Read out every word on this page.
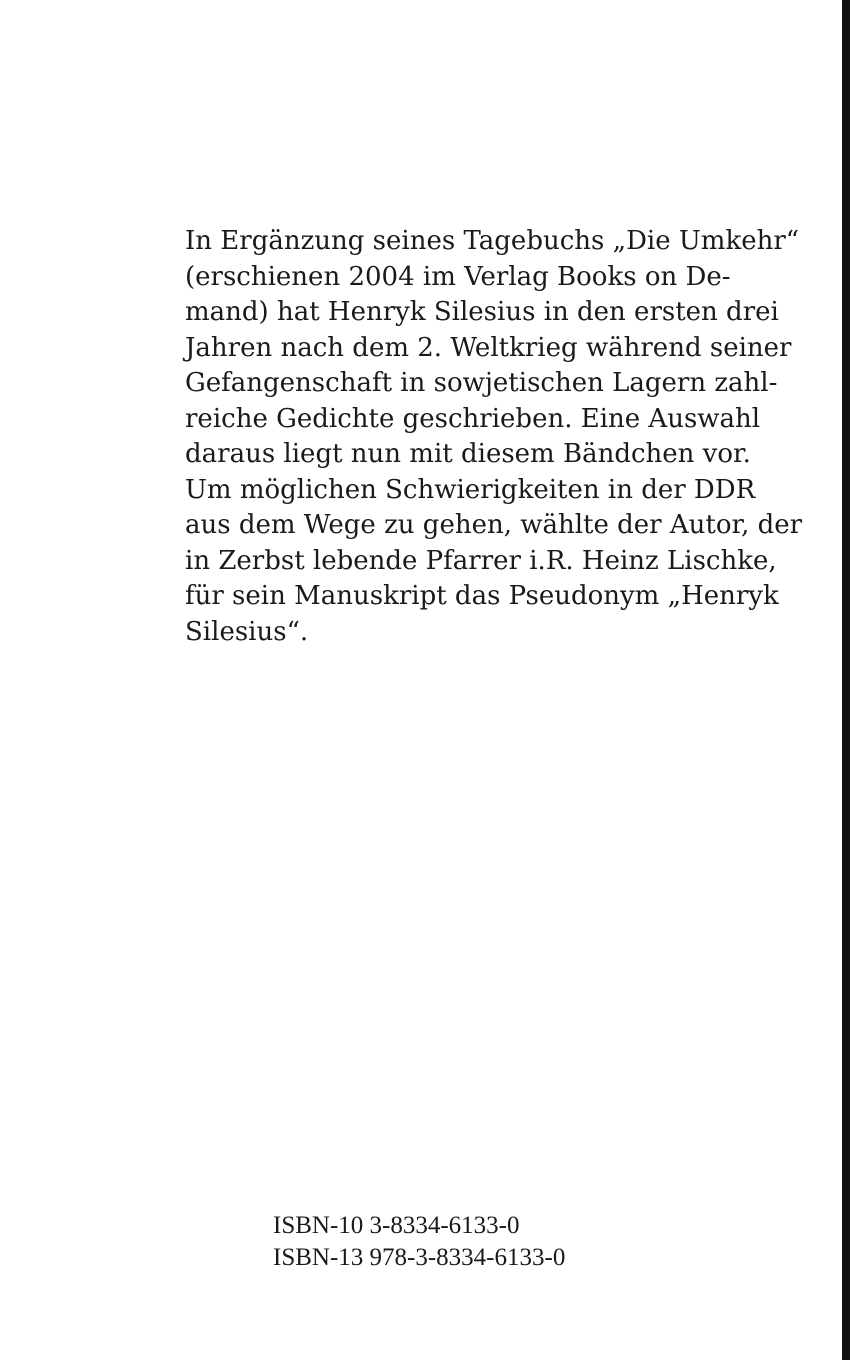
In Ergänzung seines Tagebuchs „Die Umkehr“
(erschienen 2004 im Verlag Books on De-
mand) hat Henryk Silesius in den ersten drei
Jahren nach dem 2. Weltkrieg während seiner
Gefangenschaft in sowjetischen Lagern zahl-
reiche Gedichte geschrieben. Eine Auswahl
daraus liegt nun mit diesem Bändchen vor.
Um möglichen Schwierigkeiten in der DDR
aus dem Wege zu gehen, wählte der Autor, der
in Zerbst lebende Pfarrer i.R. Heinz Lischke,
für sein Manuskript das Pseudonym „Henryk
Silesius“.

ISBN-10 3-8334-6133-0
ISBN-13 978-3-8334-6133-0
